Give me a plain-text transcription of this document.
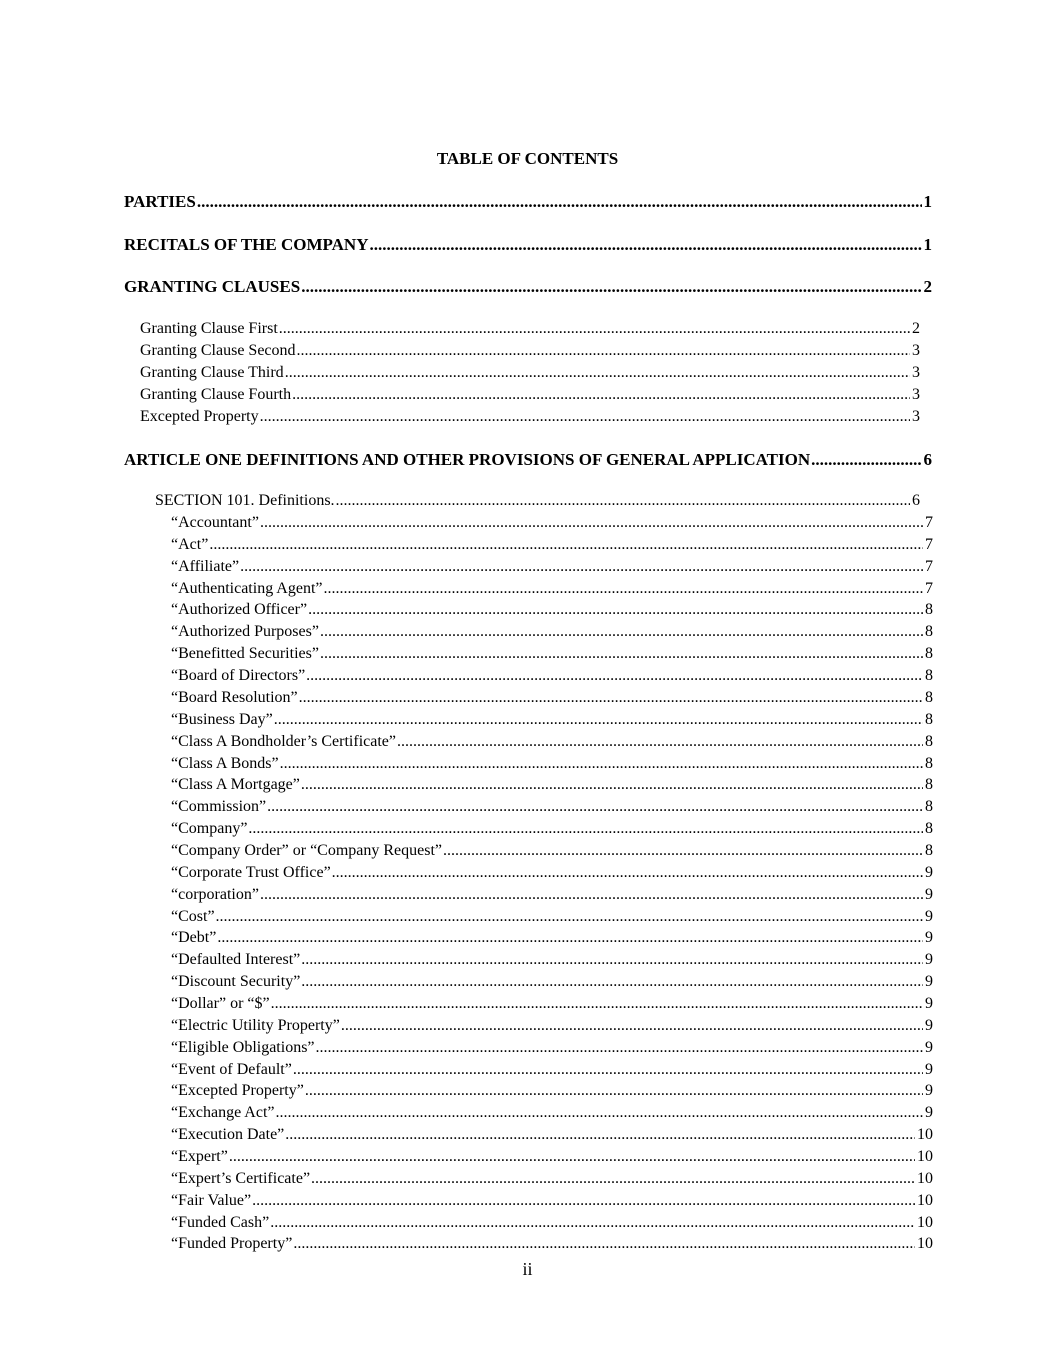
TABLE OF CONTENTS
PARTIES .....	1
RECITALS OF THE COMPANY .....	1
GRANTING CLAUSES .....	2
Granting Clause First .....	2
Granting Clause Second .....	3
Granting Clause Third .....	3
Granting Clause Fourth .....	3
Excepted Property .....	3
ARTICLE ONE DEFINITIONS AND OTHER PROVISIONS OF GENERAL APPLICATION .....	6
SECTION 101. Definitions. .....	6
“Accountant” .....	7
“Act” .....	7
“Affiliate” .....	7
“Authenticating Agent” .....	7
“Authorized Officer” .....	8
“Authorized Purposes” .....	8
“Benefitted Securities” .....	8
“Board of Directors” .....	8
“Board Resolution” .....	8
“Business Day” .....	8
“Class A Bondholder’s Certificate” .....	8
“Class A Bonds” .....	8
“Class A Mortgage” .....	8
“Commission” .....	8
“Company” .....	8
“Company Order” or “Company Request” .....	8
“Corporate Trust Office” .....	9
“corporation” .....	9
“Cost” .....	9
“Debt” .....	9
“Defaulted Interest” .....	9
“Discount Security” .....	9
“Dollar” or “$” .....	9
“Electric Utility Property” .....	9
“Eligible Obligations” .....	9
“Event of Default” .....	9
“Excepted Property” .....	9
“Exchange Act” .....	9
“Execution Date” .....	10
“Expert” .....	10
“Expert’s Certificate” .....	10
“Fair Value” .....	10
“Funded Cash” .....	10
“Funded Property” .....	10
ii
